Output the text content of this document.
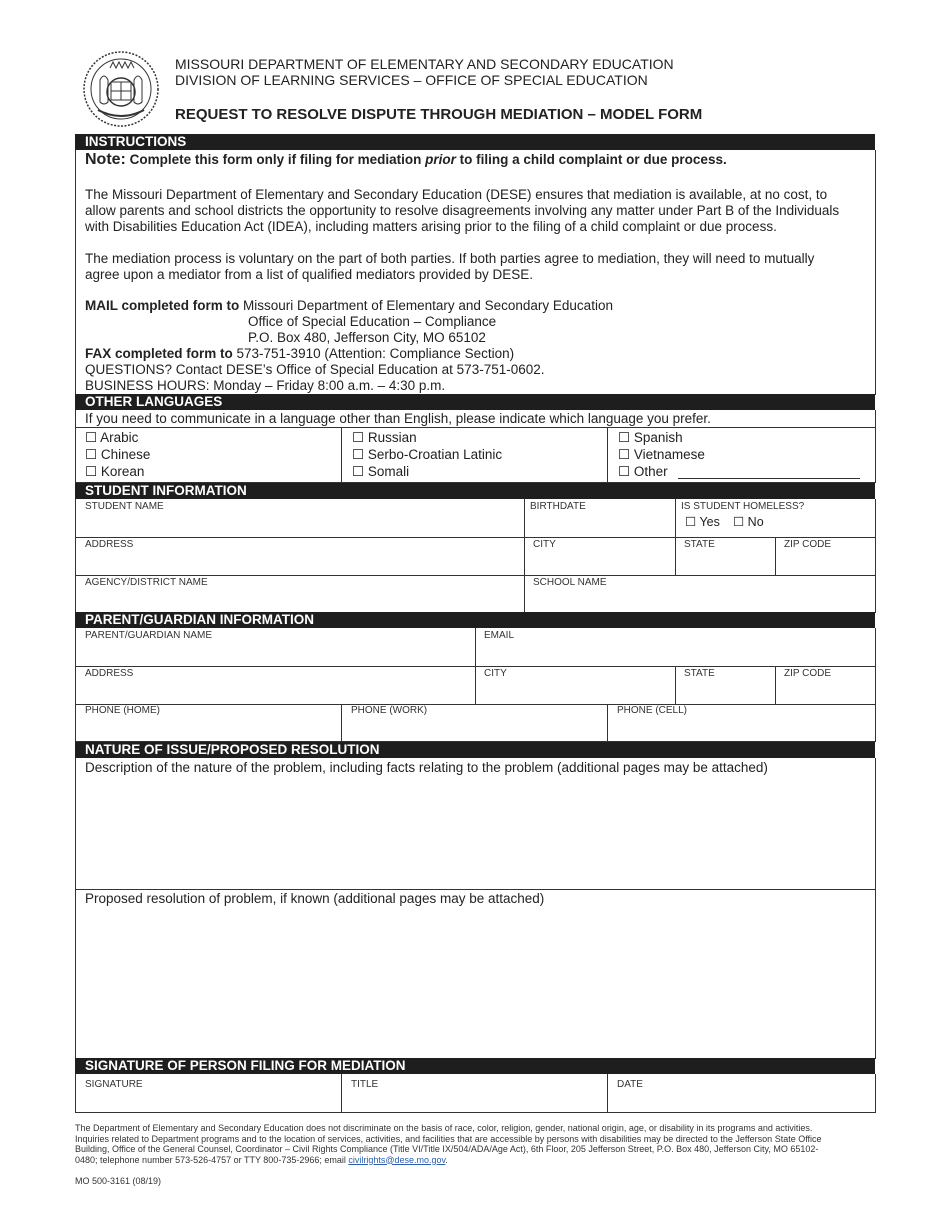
MISSOURI DEPARTMENT OF ELEMENTARY AND SECONDARY EDUCATION
DIVISION OF LEARNING SERVICES – OFFICE OF SPECIAL EDUCATION
REQUEST TO RESOLVE DISPUTE THROUGH MEDIATION – MODEL FORM
INSTRUCTIONS
Note: Complete this form only if filing for mediation prior to filing a child complaint or due process.
The Missouri Department of Elementary and Secondary Education (DESE) ensures that mediation is available, at no cost, to
allow parents and school districts the opportunity to resolve disagreements involving any matter under Part B of the Individuals
with Disabilities Education Act (IDEA), including matters arising prior to the filing of a child complaint or due process.
The mediation process is voluntary on the part of both parties. If both parties agree to mediation, they will need to mutually
agree upon a mediator from a list of qualified mediators provided by DESE.
MAIL completed form to Missouri Department of Elementary and Secondary Education
Office of Special Education – Compliance
P.O. Box 480, Jefferson City, MO 65102
FAX completed form to 573-751-3910 (Attention: Compliance Section)
QUESTIONS? Contact DESE’s Office of Special Education at 573-751-0602.
BUSINESS HOURS: Monday – Friday 8:00 a.m. – 4:30 p.m.
OTHER LANGUAGES
If you need to communicate in a language other than English, please indicate which language you prefer.
☐ Arabic
☐ Chinese
☐ Korean
☐ Russian
☐ Serbo-Croatian Latinic
☐ Somali
☐ Spanish
☐ Vietnamese
☐ Other
STUDENT INFORMATION
STUDENT NAME	BIRTHDATE	IS STUDENT HOMELESS?
☐ Yes ☐ No
ADDRESS	CITY	STATE	ZIP CODE
AGENCY/DISTRICT NAME	SCHOOL NAME
PARENT/GUARDIAN INFORMATION
PARENT/GUARDIAN NAME	EMAIL
ADDRESS	CITY	STATE	ZIP CODE
PHONE (HOME)	PHONE (WORK)	PHONE (CELL)
NATURE OF ISSUE/PROPOSED RESOLUTION
Description of the nature of the problem, including facts relating to the problem (additional pages may be attached)
Proposed resolution of problem, if known (additional pages may be attached)
SIGNATURE OF PERSON FILING FOR MEDIATION
SIGNATURE	TITLE	DATE
The Department of Elementary and Secondary Education does not discriminate on the basis of race, color, religion, gender, national origin, age, or disability in its programs and activities.
Inquiries related to Department programs and to the location of services, activities, and facilities that are accessible by persons with disabilities may be directed to the Jefferson State Office
Building, Office of the General Counsel, Coordinator – Civil Rights Compliance (Title VI/Title IX/504/ADA/Age Act), 6th Floor, 205 Jefferson Street, P.O. Box 480, Jefferson City, MO 65102-
0480; telephone number 573-526-4757 or TTY 800-735-2966; email civilrights@dese.mo.gov.
MO 500-3161 (08/19)
